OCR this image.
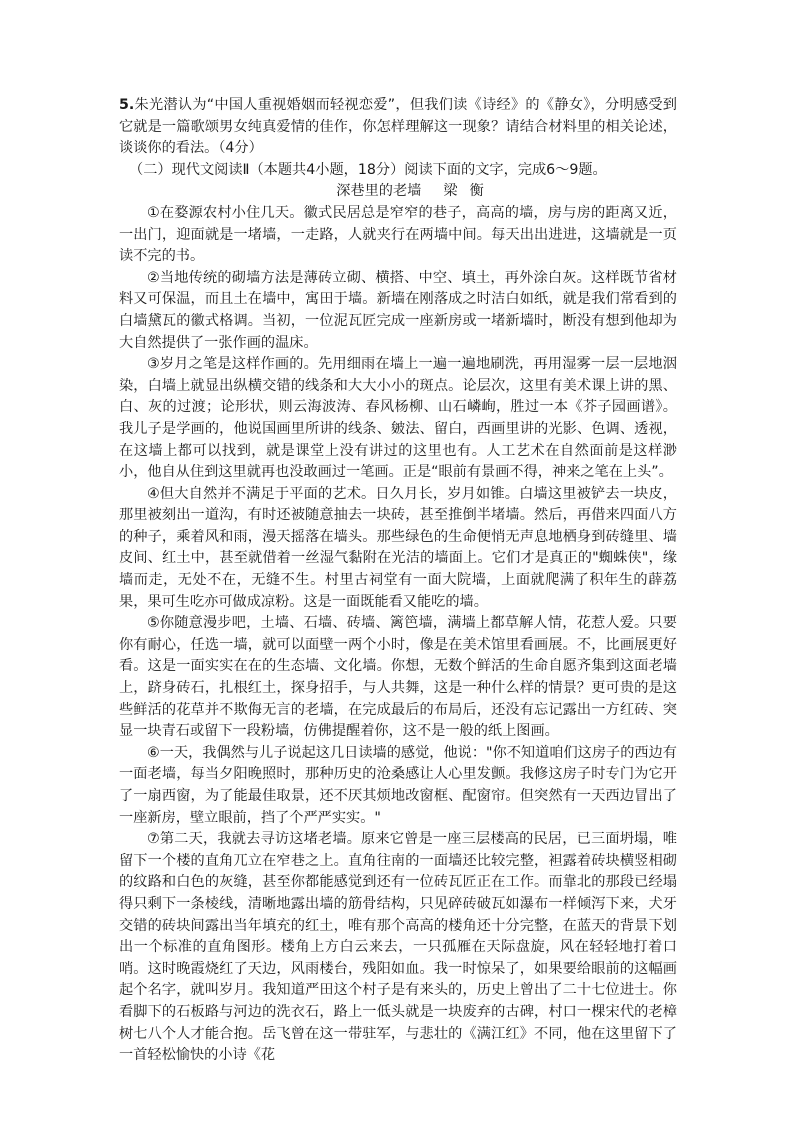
5.朱光潜认为“中国人重视婚姻而轻视恋爱”，但我们读《诗经》的《静女》，分明感受到它就是一篇歌颂男女纯真爱情的佳作，你怎样理解这一现象？请结合材料里的相关论述，谈谈你的看法。（4分）

（二）现代文阅读Ⅱ（本题共4小题，18分）阅读下面的文字，完成6～9题。

深巷里的老墙 梁衡

①在婺源农村小住几天。徽式民居总是窄窄的巷子，高高的墙，房与房的距离又近，一出门，迎面就是一堵墙，一走路，人就夹行在两墙中间。每天出出进进，这墙就是一页读不完的书。

②当地传统的砌墙方法是薄砖立砌、横搭、中空、填土，再外涂白灰。这样既节省材料又可保温，而且土在墙中，寓田于墙。新墙在刚落成之时洁白如纸，就是我们常看到的白墙黛瓦的徽式格调。当初，一位泥瓦匠完成一座新房或一堵新墙时，断没有想到他却为大自然提供了一张作画的温床。

③岁月之笔是这样作画的。先用细雨在墙上一遍一遍地刷洗，再用湿雾一层一层地洇染，白墙上就显出纵横交错的线条和大大小小的斑点。论层次，这里有美术课上讲的黑、白、灰的过渡；论形状，则云海波涛、春风杨柳、山石嶙峋，胜过一本《芥子园画谱》。我儿子是学画的，他说国画里所讲的线条、皴法、留白，西画里讲的光影、色调、透视，在这墙上都可以找到，就是课堂上没有讲过的这里也有。人工艺术在自然面前是这样渺小，他自从住到这里就再也没敢画过一笔画。正是“眼前有景画不得，神来之笔在上头”。

④但大自然并不满足于平面的艺术。日久月长，岁月如锥。白墙这里被铲去一块皮，那里被刻出一道沟，有时还被随意抽去一块砖，甚至推倒半堵墙。然后，再借来四面八方的种子，乘着风和雨，漫天摇落在墙头。那些绿色的生命便悄无声息地栖身到砖缝里、墙皮间、红土中，甚至就借着一丝湿气黏附在光洁的墙面上。它们才是真正的"蜘蛛侠"，缘墙而走，无处不在，无缝不生。村里古祠堂有一面大院墙，上面就爬满了积年生的薜荔果，果可生吃亦可做成凉粉。这是一面既能看又能吃的墙。

⑤你随意漫步吧，土墙、石墙、砖墙、篱笆墙，满墙上都草解人情，花惹人爱。只要你有耐心，任选一墙，就可以面壁一两个小时，像是在美术馆里看画展。不，比画展更好看。这是一面实实在在的生态墙、文化墙。你想，无数个鲜活的生命自愿齐集到这面老墙上，跻身砖石，扎根红土，探身招手，与人共舞，这是一种什么样的情景？更可贵的是这些鲜活的花草并不欺侮无言的老墙，在完成最后的布局后，还没有忘记露出一方红砖、突显一块青石或留下一段粉墙，仿佛提醒着你，这不是一般的纸上图画。

⑥一天，我偶然与儿子说起这几日读墙的感觉，他说："你不知道咱们这房子的西边有一面老墙，每当夕阳晚照时，那种历史的沧桑感让人心里发颤。我修这房子时专门为它开了一扇西窗，为了能最佳取景，还不厌其烦地改窗框、配窗帘。但突然有一天西边冒出了一座新房，壁立眼前，挡了个严严实实。"

⑦第二天，我就去寻访这堵老墙。原来它曾是一座三层楼高的民居，已三面坍塌，唯留下一个楼的直角兀立在窄巷之上。直角往南的一面墙还比较完整，袒露着砖块横竖相砌的纹路和白色的灰缝，甚至你都能感觉到还有一位砖瓦匠正在工作。而靠北的那段已经塌得只剩下一条棱线，清晰地露出墙的筋骨结构，只见碎砖破瓦如瀑布一样倾泻下来，犬牙交错的砖块间露出当年填充的红土，唯有那个高高的楼角还十分完整，在蓝天的背景下划出一个标准的直角图形。楼角上方白云来去，一只孤雁在天际盘旋，风在轻轻地打着口哨。这时晚霞烧红了天边，风雨楼台，残阳如血。我一时惊呆了，如果要给眼前的这幅画起个名字，就叫岁月。我知道严田这个村子是有来头的，历史上曾出了二十七位进士。你看脚下的石板路与河边的洗衣石，路上一低头就是一块废弃的古碑，村口一棵宋代的老樟树七八个人才能合抱。岳飞曾在这一带驻军，与悲壮的《满江红》不同，他在这里留下了一首轻松愉快的小诗《花
